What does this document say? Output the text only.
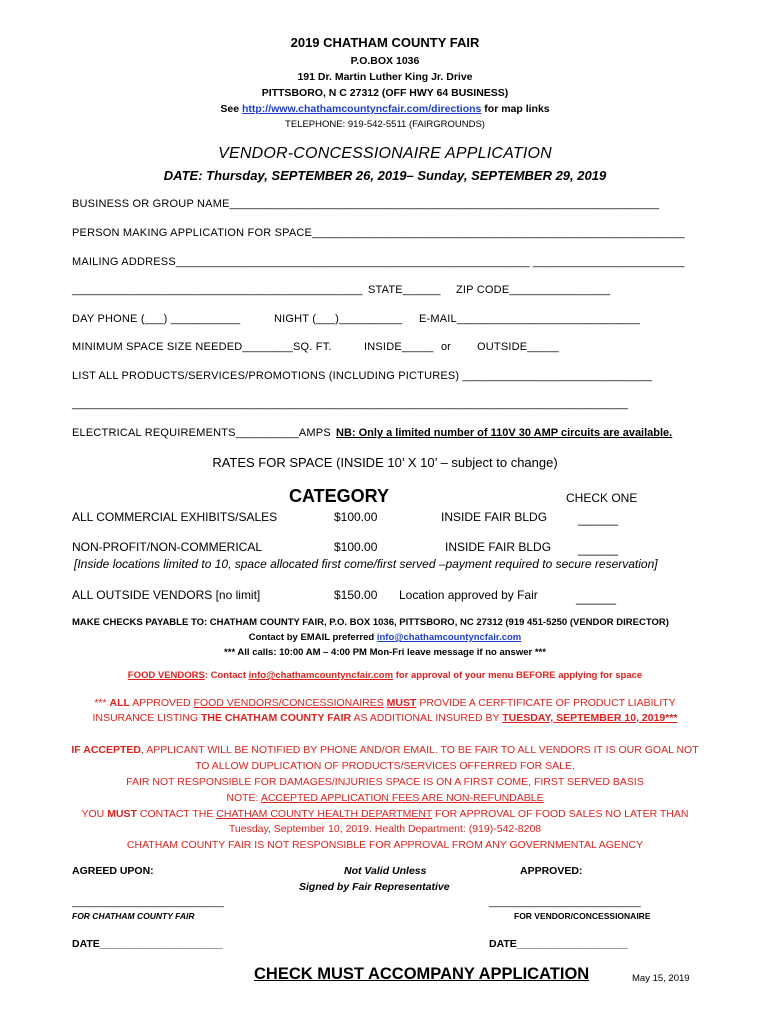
2019 CHATHAM COUNTY FAIR
P.O.BOX 1036
191 Dr. Martin Luther King Jr. Drive
PITTSBORO, N C 27312 (OFF HWY 64 BUSINESS)
See http://www.chathamcountyncfair.com/directions for map links
TELEPHONE: 919-542-5511 (FAIRGROUNDS)
VENDOR-CONCESSIONAIRE APPLICATION
DATE: Thursday, SEPTEMBER 26, 2019– Sunday, SEPTEMBER 29, 2019
BUSINESS OR GROUP NAME____________________________________________________________________
PERSON MAKING APPLICATION FOR SPACE___________________________________________________________
MAILING ADDRESS________________________________________________________ ________________________
______________________________________________ STATE______ ZIP CODE________________
DAY PHONE (___) ___________	NIGHT (___)__________ E-MAIL_____________________________
MINIMUM SPACE SIZE NEEDED________SQ. FT.	INSIDE_____ or OUTSIDE_____
LIST ALL PRODUCTS/SERVICES/PROMOTIONS (INCLUDING PICTURES) ______________________________
________________________________________________________________________________________
ELECTRICAL REQUIREMENTS__________AMPS NB: Only a limited number of 110V 30 AMP circuits are available.
RATES FOR SPACE (INSIDE 10’ X 10’ – subject to change)
CATEGORY	CHECK ONE
ALL COMMERCIAL EXHIBITS/SALES	$100.00	INSIDE FAIR BLDG	______
NON-PROFIT/NON-COMMERICAL	$100.00	INSIDE FAIR BLDG ______
[Inside locations limited to 10, space allocated first come/first served –payment required to secure reservation]
ALL OUTSIDE VENDORS [no limit]	$150.00 Location approved by Fair	______
MAKE CHECKS PAYABLE TO: CHATHAM COUNTY FAIR, P.O. BOX 1036, PITTSBORO, NC 27312 (919 451-5250 (VENDOR DIRECTOR)
Contact by EMAIL preferred info@chathamcountyncfair.com
*** All calls: 10:00 AM – 4:00 PM Mon-Fri leave message if no answer ***
FOOD VENDORS: Contact info@chathamcountyncfair.com for approval of your menu BEFORE applying for space
*** ALL APPROVED FOOD VENDORS/CONCESSIONAIRES MUST PROVIDE A CERFTIFICATE OF PRODUCT LIABILITY
INSURANCE LISTING THE CHATHAM COUNTY FAIR AS ADDITIONAL INSURED BY TUESDAY, SEPTEMBER 10, 2019***
IF ACCEPTED, APPLICANT WILL BE NOTIFIED BY PHONE AND/OR EMAIL. TO BE FAIR TO ALL VENDORS IT IS OUR GOAL NOT
TO ALLOW DUPLICATION OF PRODUCTS/SERVICES OFFERRED FOR SALE.
FAIR NOT RESPONSIBLE FOR DAMAGES/INJURIES SPACE IS ON A FIRST COME, FIRST SERVED BASIS
NOTE: ACCEPTED APPLICATION FEES ARE NON-REFUNDABLE
YOU MUST CONTACT THE CHATHAM COUNTY HEALTH DEPARTMENT FOR APPROVAL OF FOOD SALES NO LATER THAN
Tuesday, September 10, 2019. Health Department: (919)-542-8208
CHATHAM COUNTY FAIR IS NOT RESPONSIBLE FOR APPROVAL FROM ANY GOVERNMENTAL AGENCY
AGREED UPON:	Not Valid Unless
Signed by Fair Representative
APPROVED:
__________________________	__________________________
FOR CHATHAM COUNTY FAIR	FOR VENDOR/CONCESSIONAIRE
DATE_____________________	DATE___________________
CHECK MUST ACCOMPANY APPLICATION	May 15, 2019
